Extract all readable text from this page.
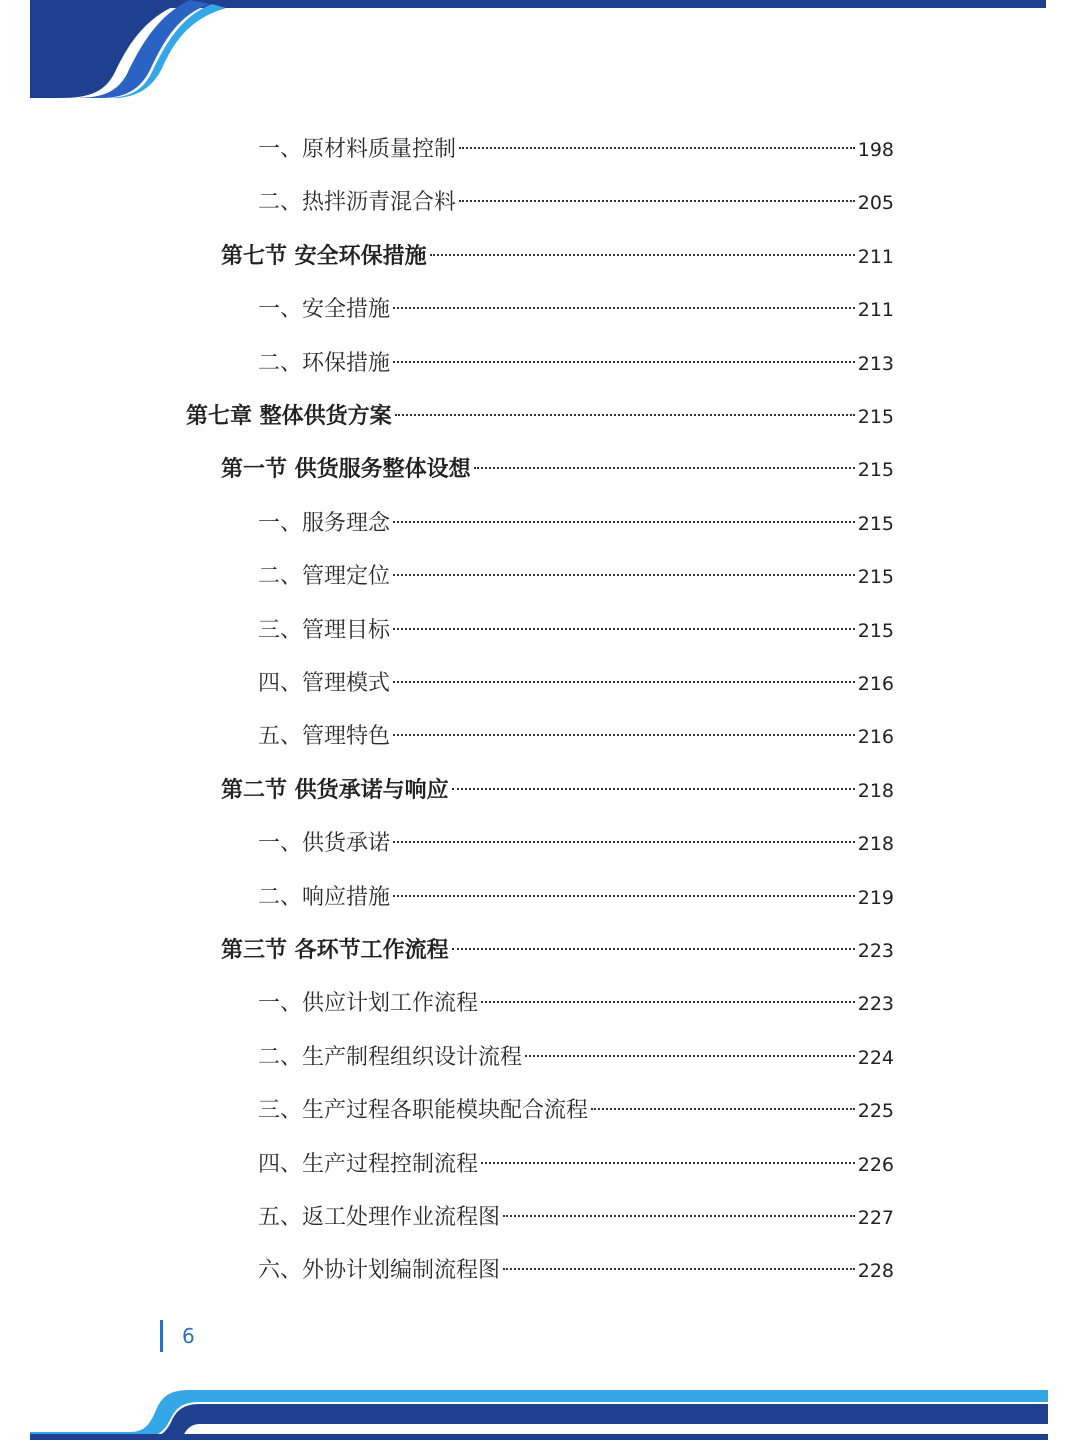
一、原材料质量控制	198
二、热拌沥青混合料	205
第七节 安全环保措施	211
一、安全措施	211
二、环保措施	213
第七章 整体供货方案	215
第一节 供货服务整体设想	215
一、服务理念	215
二、管理定位	215
三、管理目标	215
四、管理模式	216
五、管理特色	216
第二节 供货承诺与响应	218
一、供货承诺	218
二、响应措施	219
第三节 各环节工作流程	223
一、供应计划工作流程	223
二、生产制程组织设计流程	224
三、生产过程各职能模块配合流程	225
四、生产过程控制流程	226
五、返工处理作业流程图	227
六、外协计划编制流程图	228
6
